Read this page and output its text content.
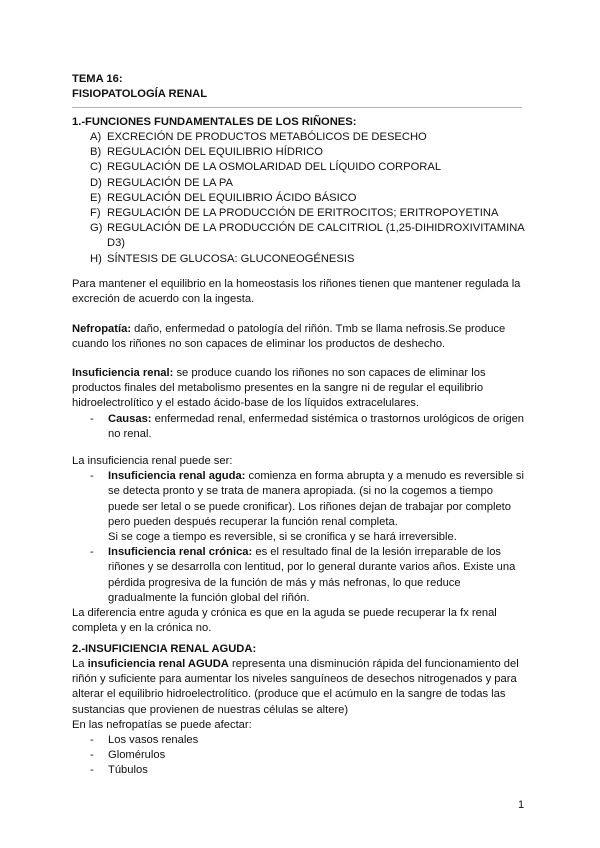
TEMA 16:
FISIOPATOLOGÍA RENAL
1.-FUNCIONES FUNDAMENTALES DE LOS RIÑONES:
A) EXCRECIÓN DE PRODUCTOS METABÓLICOS DE DESECHO
B) REGULACIÓN DEL EQUILIBRIO HÍDRICO
C) REGULACIÓN DE LA OSMOLARIDAD DEL LÍQUIDO CORPORAL
D) REGULACIÓN DE LA PA
E) REGULACIÓN DEL EQUILIBRIO ÁCIDO BÁSICO
F) REGULACIÓN DE LA PRODUCCIÓN DE ERITROCITOS; ERITROPOYETINA
G) REGULACIÓN DE LA PRODUCCIÓN DE CALCITRIOL (1,25-DIHIDROXIVITAMINA D3)
H) SÍNTESIS DE GLUCOSA: GLUCONEOGÉNESIS
Para mantener el equilibrio en la homeostasis los riñones tienen que mantener regulada la excreción de acuerdo con la ingesta.
Nefropatía: daño, enfermedad o patología del riñón. Tmb se llama nefrosis.Se produce cuando los riñones no son capaces de eliminar los productos de deshecho.
Insuficiencia renal: se produce cuando los riñones no son capaces de eliminar los productos finales del metabolismo presentes en la sangre ni de regular el equilibrio hidroelectrolítico y el estado ácido-base de los líquidos extracelulares.
-	Causas: enfermedad renal, enfermedad sistémica o trastornos urológicos de origen no renal.
La insuficiencia renal puede ser:
-	Insuficiencia renal aguda: comienza en forma abrupta y a menudo es reversible si se detecta pronto y se trata de manera apropiada. (si no la cogemos a tiempo puede ser letal o se puede cronificar). Los riñones dejan de trabajar por completo pero pueden después recuperar la función renal completa.
Si se coge a tiempo es reversible, si se cronifica y se hará irreversible.
-	Insuficiencia renal crónica: es el resultado final de la lesión irreparable de los riñones y se desarrolla con lentitud, por lo general durante varios años. Existe una pérdida progresiva de la función de más y más nefronas, lo que reduce gradualmente la función global del riñón.
La diferencia entre aguda y crónica es que en la aguda se puede recuperar la fx renal completa y en la crónica no.
2.-INSUFICIENCIA RENAL AGUDA:
La insuficiencia renal AGUDA representa una disminución rápida del funcionamiento del riñón y suficiente para aumentar los niveles sanguíneos de desechos nitrogenados y para alterar el equilibrio hidroelectrolítico. (produce que el acúmulo en la sangre de todas las sustancias que provienen de nuestras células se altere)
En las nefropatías se puede afectar:
-	Los vasos renales
-	Glomérulos
-	Túbulos
1
